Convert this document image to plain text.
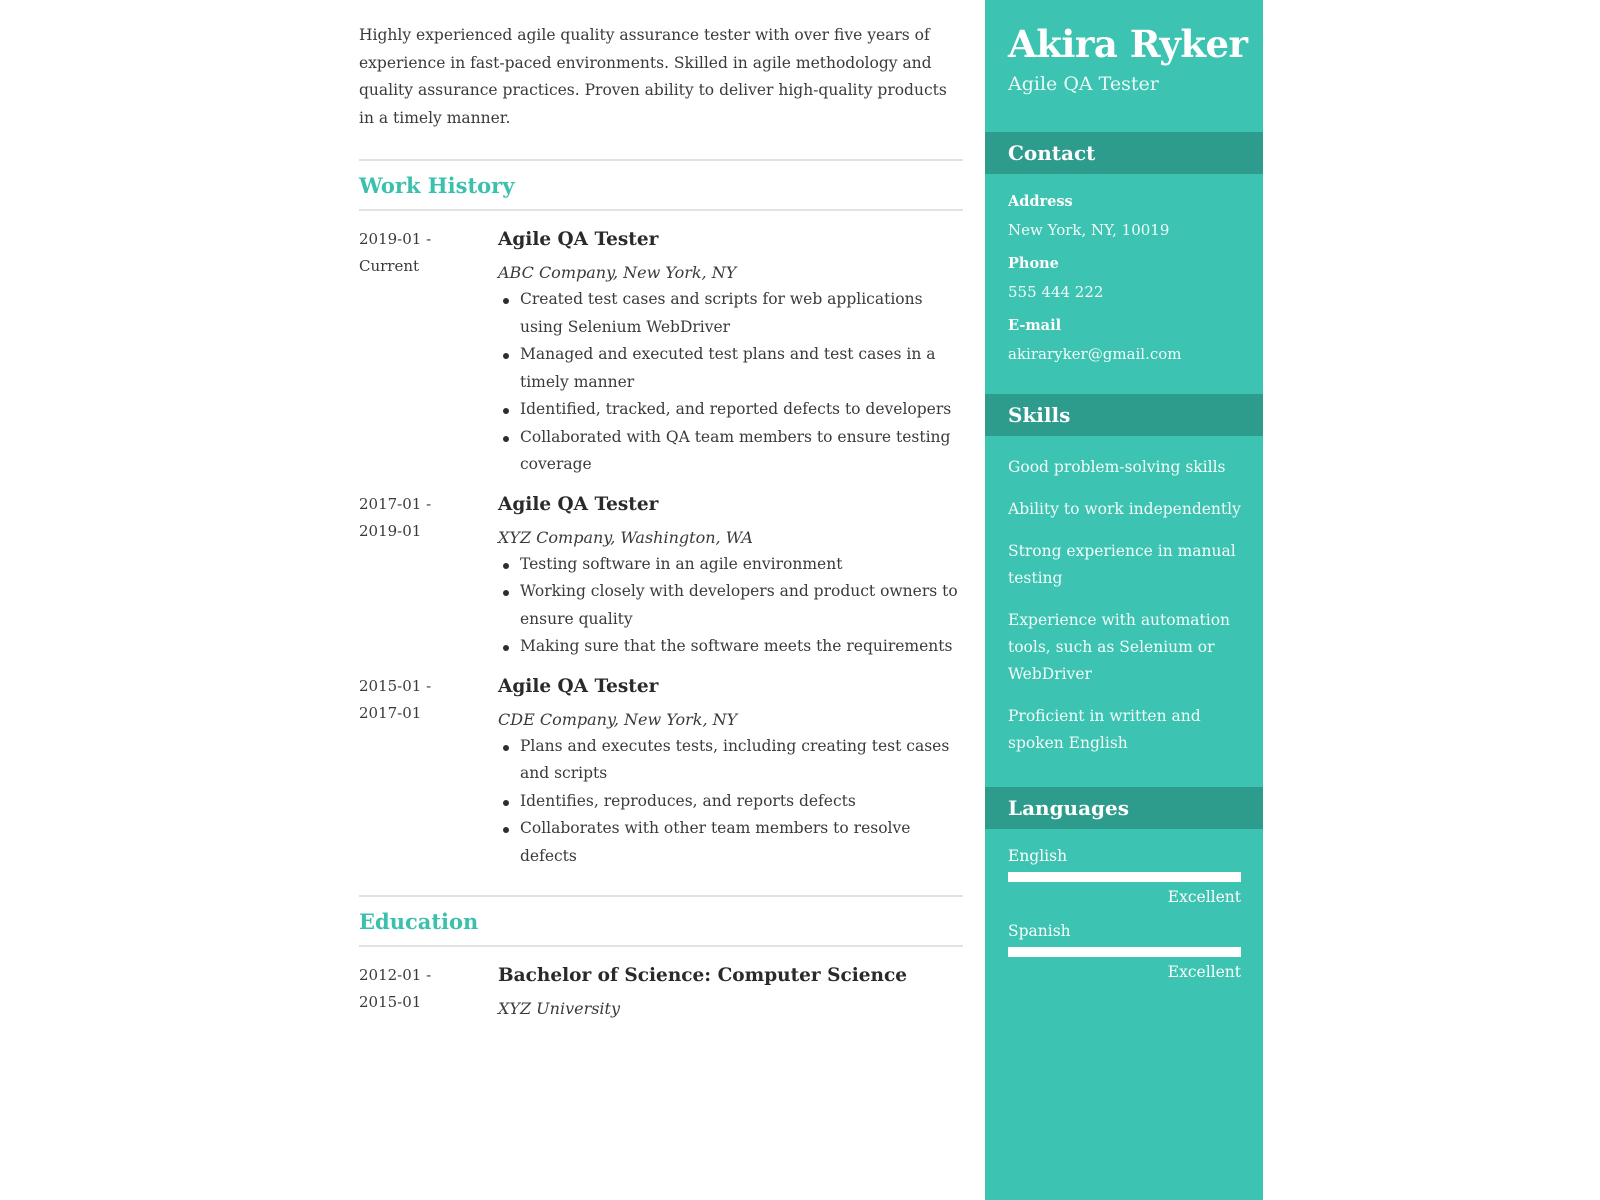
Highly experienced agile quality assurance tester with over five years of experience in fast-paced environments. Skilled in agile methodology and quality assurance practices. Proven ability to deliver high-quality products in a timely manner.

Work History
2019-01 -
Current
Agile QA Tester
ABC Company, New York, NY
Created test cases and scripts for web applications using Selenium WebDriver
Managed and executed test plans and test cases in a timely manner
Identified, tracked, and reported defects to developers
Collaborated with QA team members to ensure testing coverage
2017-01 -
2019-01
Agile QA Tester
XYZ Company, Washington, WA
Testing software in an agile environment
Working closely with developers and product owners to ensure quality
Making sure that the software meets the requirements
2015-01 -
2017-01
Agile QA Tester
CDE Company, New York, NY
Plans and executes tests, including creating test cases and scripts
Identifies, reproduces, and reports defects
Collaborates with other team members to resolve defects
Education
2012-01 -
2015-01
Bachelor of Science: Computer Science
XYZ University
Akira Ryker
Agile QA Tester
Contact
Address
New York, NY, 10019
Phone
555 444 222
E-mail
akiraryker@gmail.com
Skills
Good problem-solving skills
Ability to work independently
Strong experience in manual testing
Experience with automation tools, such as Selenium or WebDriver
Proficient in written and spoken English
Languages
English
Excellent
Spanish
Excellent
